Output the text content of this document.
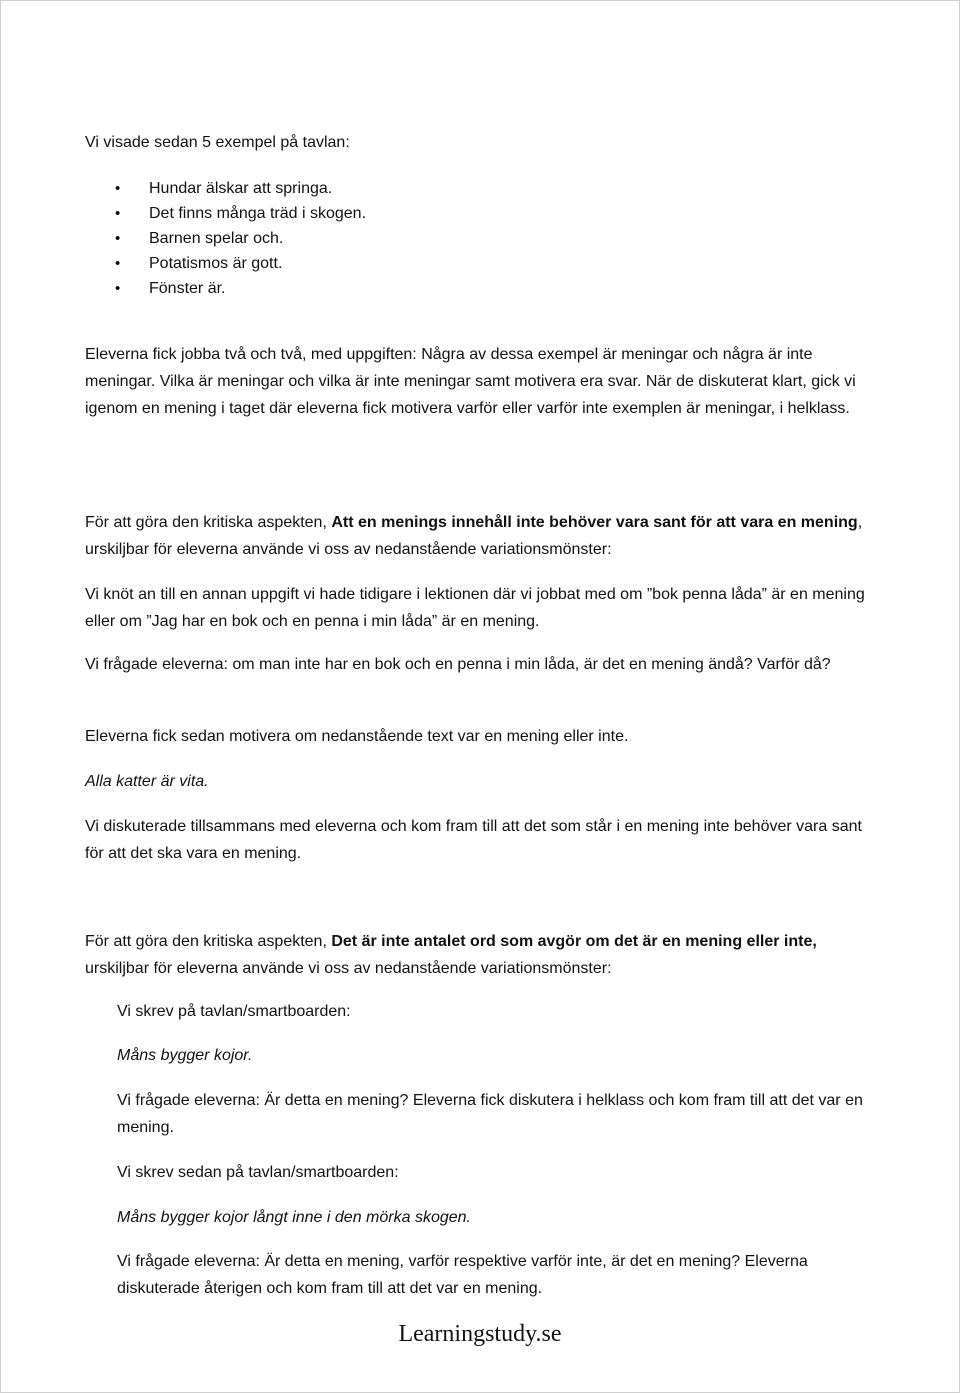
Vi visade sedan 5 exempel på tavlan:

• Hundar älskar att springa.
• Det finns många träd i skogen.
• Barnen spelar och.
• Potatismos är gott.
• Fönster är.

Eleverna fick jobba två och två, med uppgiften: Några av dessa exempel är meningar och några är inte meningar. Vilka är meningar och vilka är inte meningar samt motivera era svar. När de diskuterat klart, gick vi igenom en mening i taget där eleverna fick motivera varför eller varför inte exemplen är meningar, i helklass.

För att göra den kritiska aspekten, Att en menings innehåll inte behöver vara sant för att vara en mening, urskiljbar för eleverna använde vi oss av nedanstående variationsmönster:

Vi knöt an till en annan uppgift vi hade tidigare i lektionen där vi jobbat med om ”bok penna låda” är en mening eller om ”Jag har en bok och en penna i min låda” är en mening.

Vi frågade eleverna: om man inte har en bok och en penna i min låda, är det en mening ändå? Varför då?

Eleverna fick sedan motivera om nedanstående text var en mening eller inte.

Alla katter är vita.

Vi diskuterade tillsammans med eleverna och kom fram till att det som står i en mening inte behöver vara sant för att det ska vara en mening.

För att göra den kritiska aspekten, Det är inte antalet ord som avgör om det är en mening eller inte, urskiljbar för eleverna använde vi oss av nedanstående variationsmönster:

Vi skrev på tavlan/smartboarden:

Måns bygger kojor.

Vi frågade eleverna: Är detta en mening? Eleverna fick diskutera i helklass och kom fram till att det var en mening.

Vi skrev sedan på tavlan/smartboarden:

Måns bygger kojor långt inne i den mörka skogen.

Vi frågade eleverna: Är detta en mening, varför respektive varför inte, är det en mening? Eleverna diskuterade återigen och kom fram till att det var en mening.

Learningstudy.se
